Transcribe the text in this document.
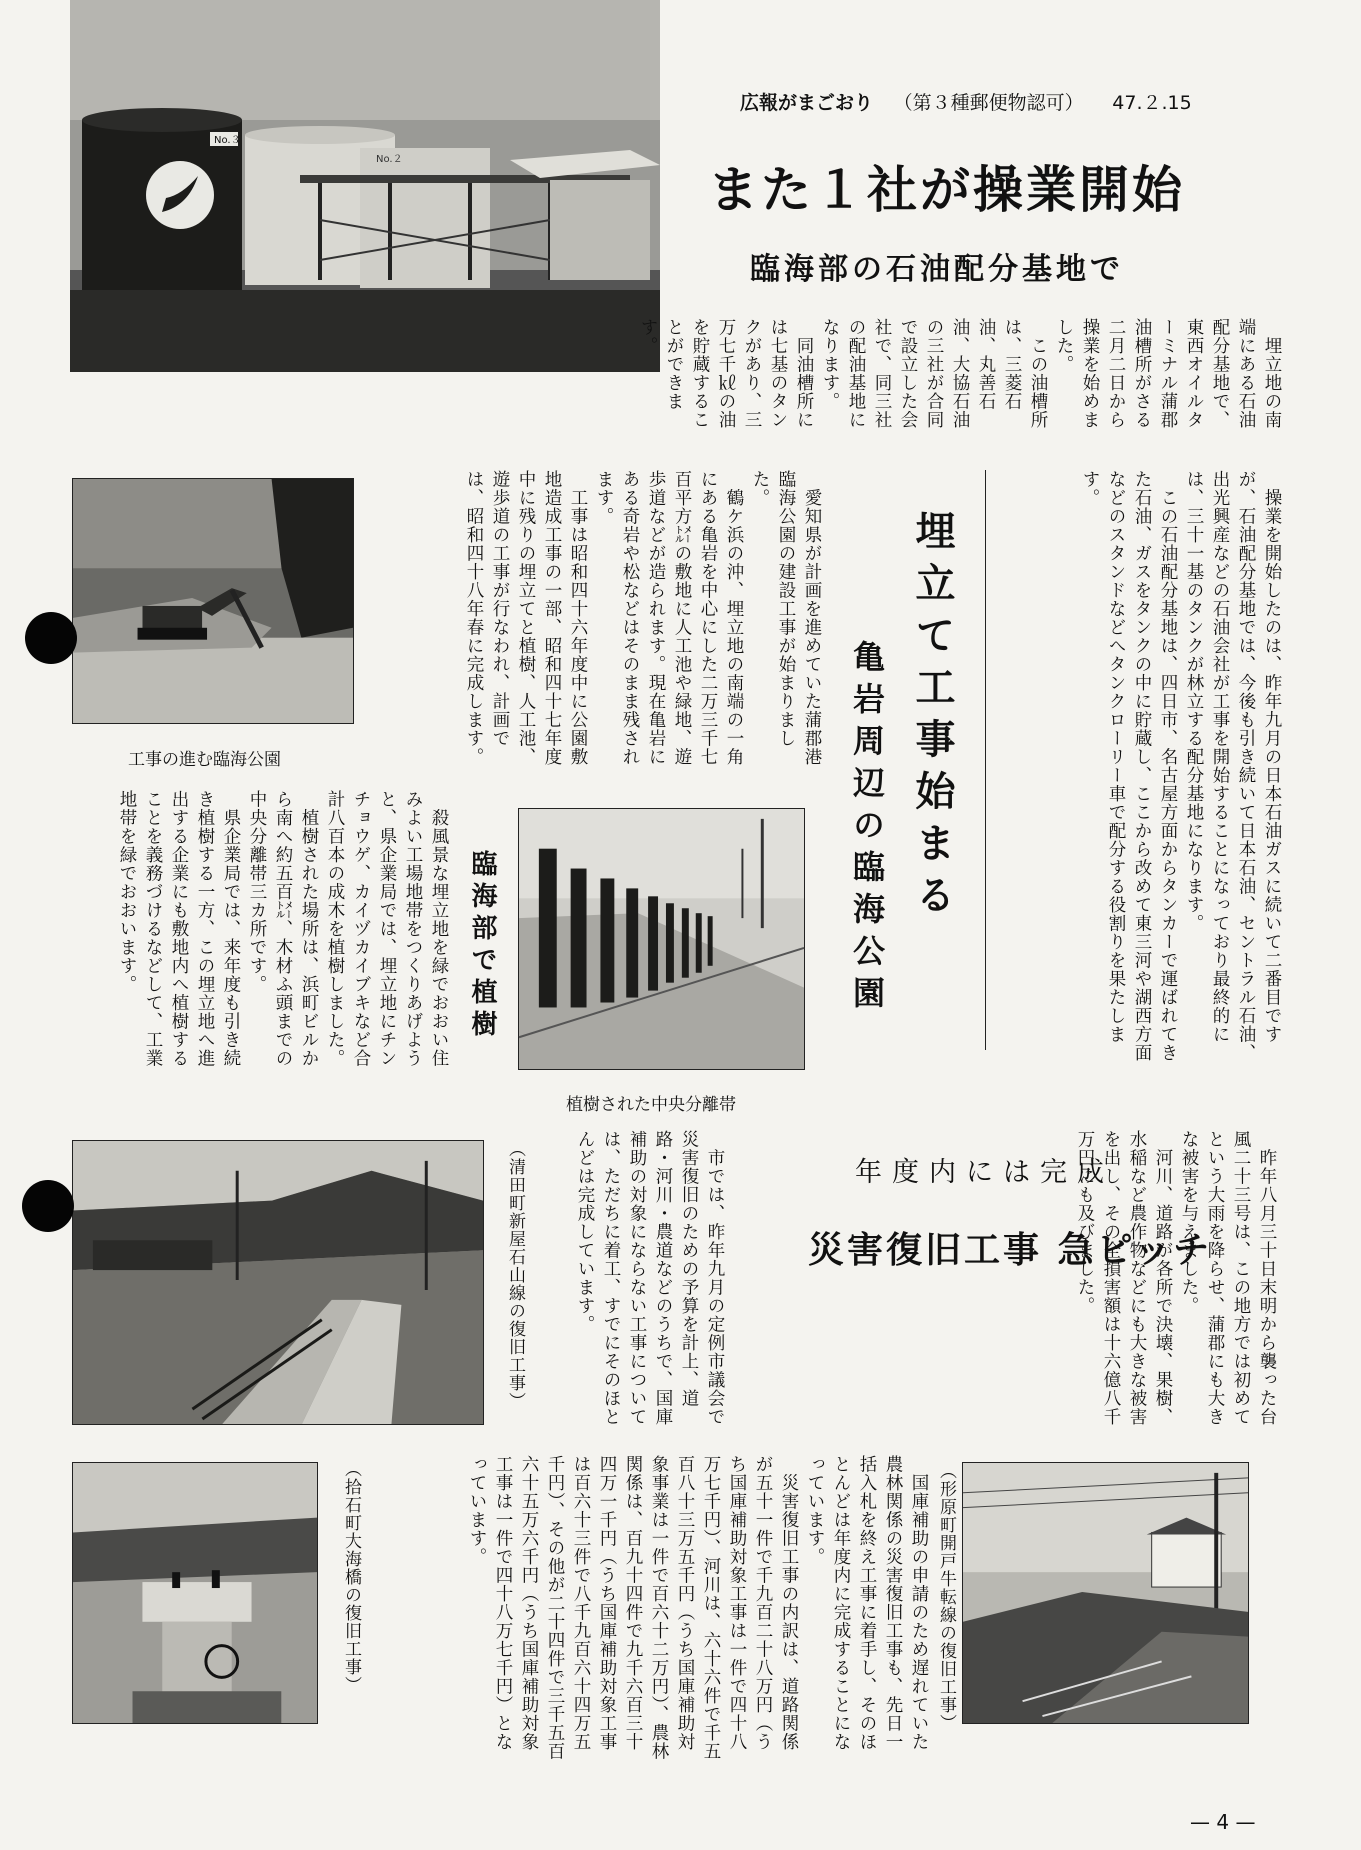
広報がまごおり （第３種郵便物認可） 47.２.15
No.３
No.２
また１社が操業開始
臨海部の石油配分基地で

　埋立地の南端にある石油配分基地で、東西オイルターミナル蒲郡油槽所がさる二月二日から操業を始めました。

　この油槽所は、三菱石油、丸善石油、大協石油の三社が合同で設立した会社で、同三社の配油基地になります。

　同油槽所には七基のタンクがあり、三万七千㎘の油を貯蔵することができます。

　操業を開始したのは、昨年九月の日本石油ガスに続いて二番目ですが、石油配分基地では、今後も引き続いて日本石油、セントラル石油、出光興産などの石油会社が工事を開始することになっており最終的には、三十一基のタンクが林立する配分基地になります。

　この石油配分基地は、四日市、名古屋方面からタンカーで運ばれてきた石油、ガスをタンクの中に貯蔵し、ここから改めて東三河や湖西方面などのスタンドなどへタンクローリー車で配分する役割りを果たします。

埋立て工事始まる
亀岩周辺の臨海公園

　愛知県が計画を進めていた蒲郡港臨海公園の建設工事が始まりました。

　鶴ケ浜の沖、埋立地の南端の一角にある亀岩を中心にした二万三千七百平方㍍の敷地に人工池や緑地、遊歩道などが造られます。現在亀岩にある奇岩や松などはそのまま残されます。

　工事は昭和四十六年度中に公園敷地造成工事の一部、昭和四十七年度中に残りの埋立てと植樹、人工池、遊歩道の工事が行なわれ、計画では、昭和四十八年春に完成します。

工事の進む臨海公園
臨海部で植樹

　殺風景な埋立地を緑でおおい住みよい工場地帯をつくりあげようと、県企業局では、埋立地にチンチョウゲ、カイヅカイブキなど合計八百本の成木を植樹しました。

　植樹された場所は、浜町ビルから南へ約五百㍍、木材ふ頭までの中央分離帯三カ所です。

　県企業局では、来年度も引き続き植樹する一方、この埋立地へ進出する企業にも敷地内へ植樹することを義務づけるなどして、工業地帯を緑でおおいます。

植樹された中央分離帯
年度内には完成
災害復旧工事 急ピッチ	　昨年八月三十日末明から襲った台風二十三号は、この地方では初めてという大雨を降らせ、蒲郡にも大きな被害を与えました。

　河川、道路が各所で決壊、果樹、水稲など農作物などにも大きな被害を出し、その全損害額は十六億八千万円にも及びました。

　市では、昨年九月の定例市議会で災害復旧のための予算を計上、道路・河川・農道などのうちで、国庫補助の対象にならない工事については、ただちに着工、すでにそのほとんどは完成しています。

（清田町新屋石山線の復旧工事）

　国庫補助の申請のため遅れていた農林関係の災害復旧工事も、先日一括入札を終え工事に着手し、そのほとんどは年度内に完成することになっています。

　災害復旧工事の内訳は、道路関係が五十一件で千九百二十八万円（うち国庫補助対象工事は一件で四十八万七千円）、河川は、六十六件で千五百八十三万五千円（うち国庫補助対象事業は一件で百六十二万円）、農林関係は、百九十四件で九千六百三十四万一千円（うち国庫補助対象工事は百六十三件で八千九百六十四万五千円）、その他が二十四件で三千五百六十五万六千円（うち国庫補助対象工事は一件で四十八万七千円）となっています。

（拾石町大海橋の復旧工事）	（形原町開戸牛転線の復旧工事）
— 4 —
